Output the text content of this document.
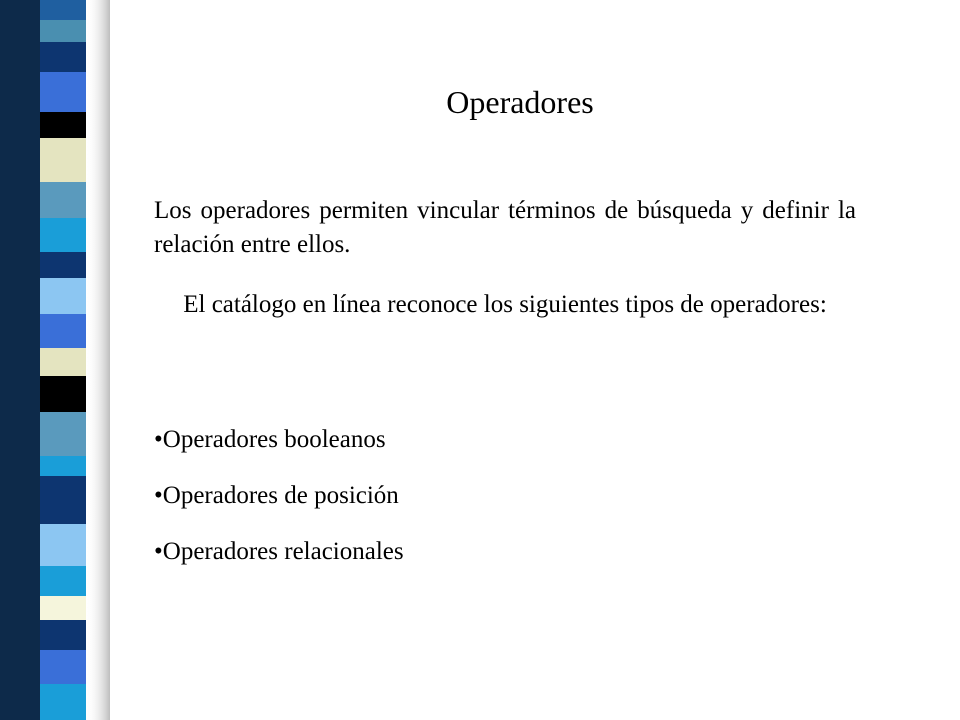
Operadores
Los operadores permiten vincular términos de búsqueda y definir la relación entre ellos.
El catálogo en línea reconoce los siguientes tipos de operadores:
•Operadores booleanos
•Operadores de posición
•Operadores relacionales
